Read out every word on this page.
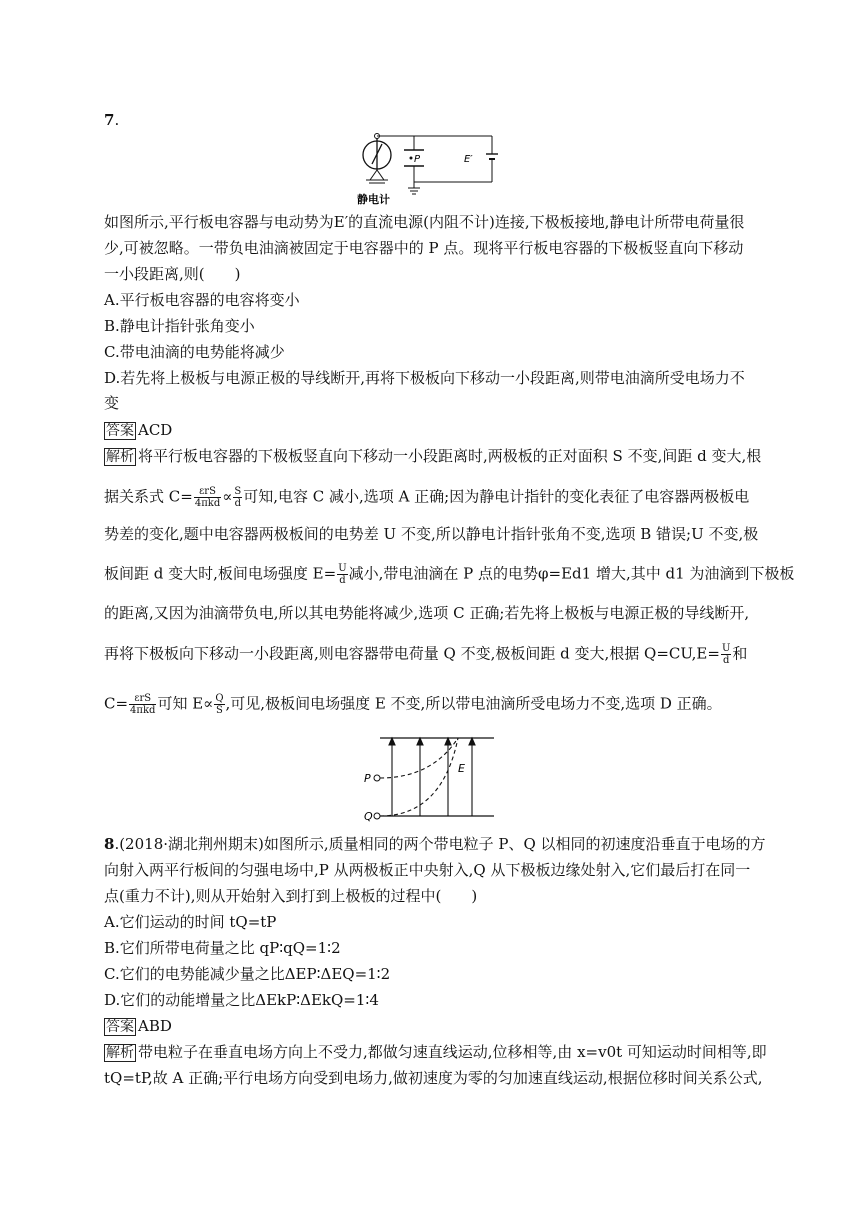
7.
P	E′
静电计
如图所示,平行板电容器与电动势为E′的直流电源(内阻不计)连接,下极板接地,静电计所带电荷量很
少,可被忽略。一带负电油滴被固定于电容器中的 P 点。现将平行板电容器的下极板竖直向下移动
一小段距离,则(　　)
A.平行板电容器的电容将变小
B.静电计指针张角变小
C.带电油滴的电势能将减少
D.若先将上极板与电源正极的导线断开,再将下极板向下移动一小段距离,则带电油滴所受电场力不
变
答案 ACD
解析 将平行板电容器的下极板竖直向下移动一小段距离时,两极板的正对面积 S 不变,间距 d 变大,根
据关系式 $C= \frac{\text{εrS}}{\text{4πkd}} \propto \frac{S}{d}$ 可知,电容 C 减小,选项 A 正确;因为静电计指针的变化表征了电容器两极板电
势差的变化,题中电容器两极板间的电势差 U 不变,所以静电计指针张角不变,选项 B 错误;U 不变,极
板间距 d 变大时,板间电场强度 $E= \frac{U}{d}$ 减小,带电油滴在 P 点的电势φ=Ed1 增大,其中 d1 为油滴到下极板
的距离,又因为油滴带负电,所以其电势能将减少,选项 C 正确;若先将上极板与电源正极的导线断开,
再将下极板向下移动一小段距离,则电容器带电荷量 Q 不变,极板间距 d 变大,根据 $Q=CU,E= \frac{U}{d}$ 和
$C= \frac{\text{εrS}}{\text{4πkd}}$ 可知 $E\propto \frac{Q}{S}$ ,可见,极板间电场强度 E 不变,所以带电油滴所受电场力不变,选项 D 正确。
P
Q
E
8.(2018·湖北荆州期末)如图所示,质量相同的两个带电粒子 P、Q 以相同的初速度沿垂直于电场的方
向射入两平行板间的匀强电场中,P 从两极板正中央射入,Q 从下极板边缘处射入,它们最后打在同一
点(重力不计),则从开始射入到打到上极板的过程中(　　)
A.它们运动的时间 tQ=tP
B.它们所带电荷量之比 qP∶qQ=1∶2
C.它们的电势能减少量之比ΔEP∶ΔEQ=1∶2
D.它们的动能增量之比ΔEkP∶ΔEkQ=1∶4
答案 ABD
解析 带电粒子在垂直电场方向上不受力,都做匀速直线运动,位移相等,由 x=v0t 可知运动时间相等,即
tQ=tP,故 A 正确;平行电场方向受到电场力,做初速度为零的匀加速直线运动,根据位移时间关系公式,
